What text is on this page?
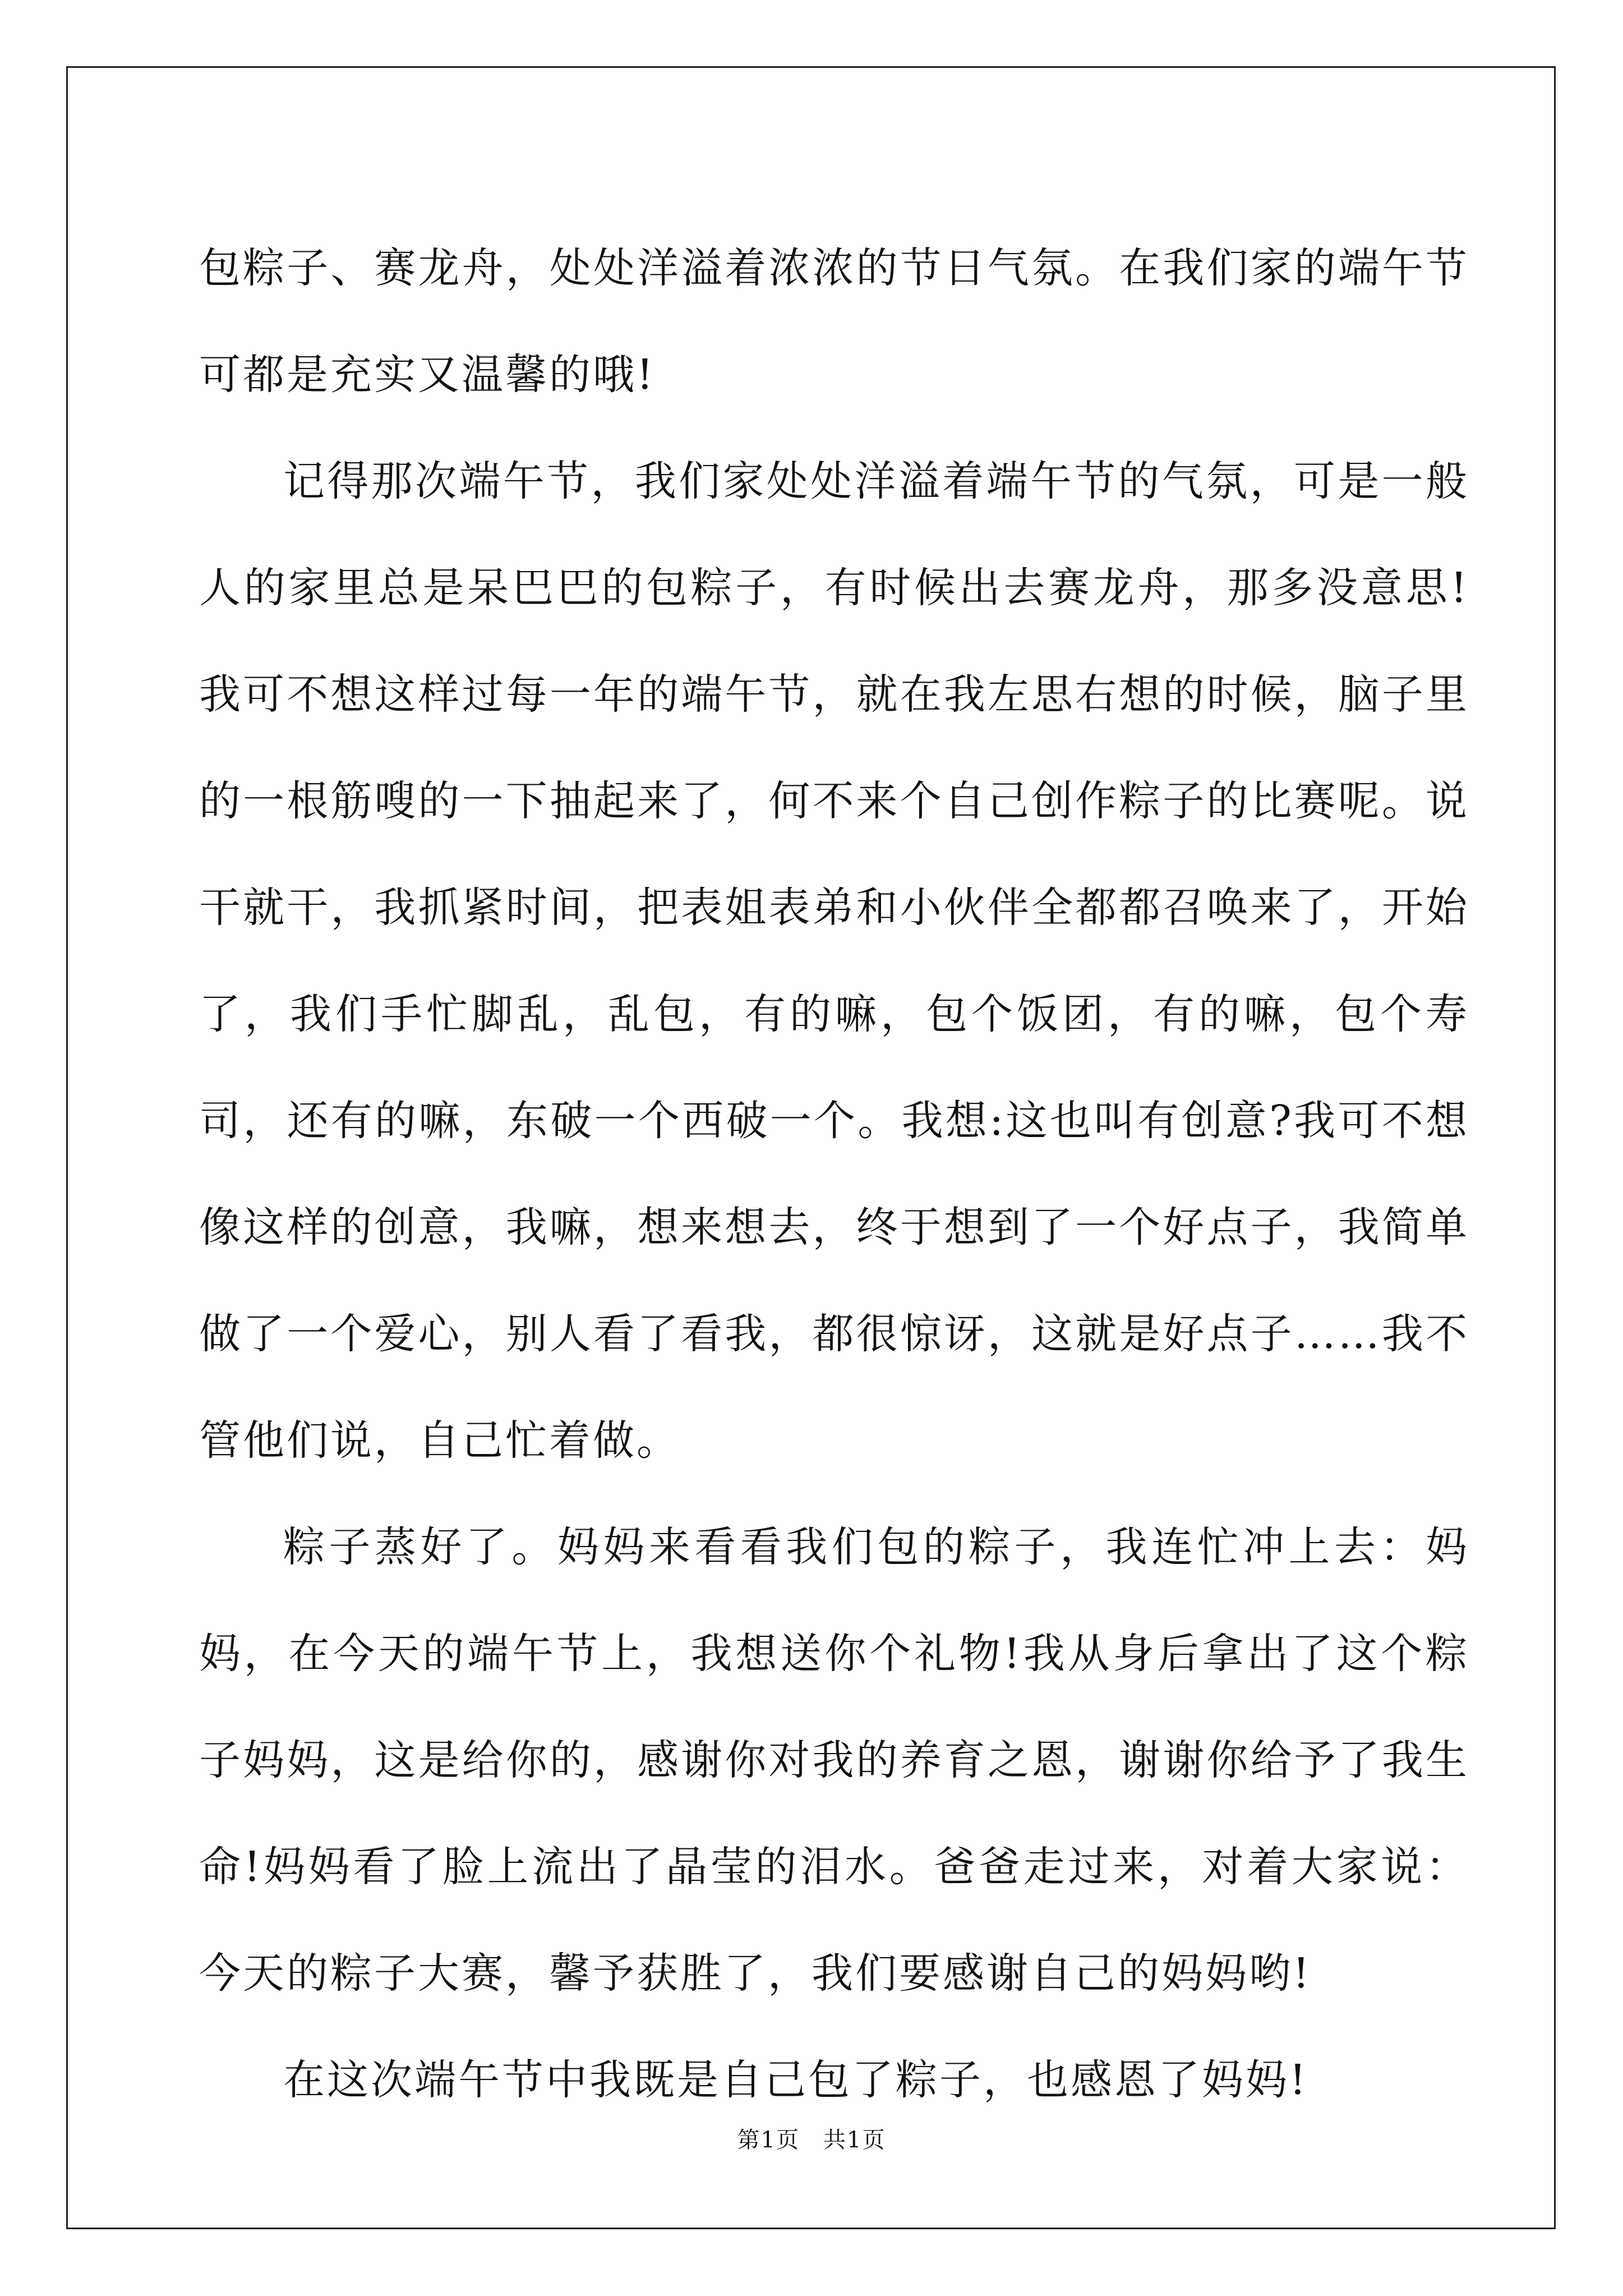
包粽子、赛龙舟，处处洋溢着浓浓的节日气氛。在我们家的端午节可都是充实又温馨的哦!

记得那次端午节，我们家处处洋溢着端午节的气氛，可是一般人的家里总是呆巴巴的包粽子，有时候出去赛龙舟，那多没意思!我可不想这样过每一年的端午节，就在我左思右想的时候，脑子里的一根筋嗖的一下抽起来了，何不来个自己创作粽子的比赛呢。说干就干，我抓紧时间，把表姐表弟和小伙伴全都都召唤来了，开始了，我们手忙脚乱，乱包，有的嘛，包个饭团，有的嘛，包个寿司，还有的嘛，东破一个西破一个。我想:这也叫有创意?我可不想像这样的创意，我嘛，想来想去，终于想到了一个好点子，我简单做了一个爱心，别人看了看我，都很惊讶，这就是好点子……我不管他们说，自己忙着做。

粽子蒸好了。妈妈来看看我们包的粽子，我连忙冲上去：妈妈，在今天的端午节上，我想送你个礼物!我从身后拿出了这个粽子妈妈，这是给你的，感谢你对我的养育之恩，谢谢你给予了我生命!妈妈看了脸上流出了晶莹的泪水。爸爸走过来，对着大家说：今天的粽子大赛，馨予获胜了，我们要感谢自己的妈妈哟!

在这次端午节中我既是自己包了粽子，也感恩了妈妈!

第1页　共1页
